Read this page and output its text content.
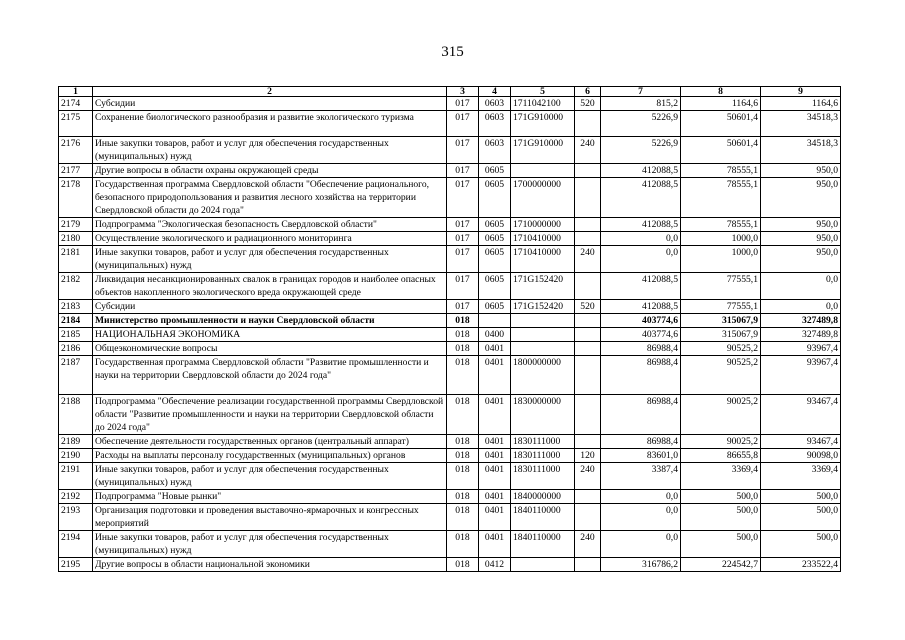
315
1	2	3	4	5	6	7	8	9
2174	Субсидии	017	0603	1711042100	520	815,2	1164,6	1164,6
2175	Сохранение биологического разнообразия и развитие экологического туризма	017	0603	171G910000		5226,9	50601,4	34518,3
2176	Иные закупки товаров, работ и услуг для обеспечения государственных (муниципальных) нужд	017	0603	171G910000	240	5226,9	50601,4	34518,3
2177	Другие вопросы в области охраны окружающей среды	017	0605			412088,5	78555,1	950,0
2178	Государственная программа Свердловской области "Обеспечение рационального, безопасного природопользования и развития лесного хозяйства на территории Свердловской области до 2024 года"	017	0605	1700000000		412088,5	78555,1	950,0
2179	Подпрограмма "Экологическая безопасность Свердловской области"	017	0605	1710000000		412088,5	78555,1	950,0
2180	Осуществление экологического и радиационного мониторинга	017	0605	1710410000		0,0	1000,0	950,0
2181	Иные закупки товаров, работ и услуг для обеспечения государственных (муниципальных) нужд	017	0605	1710410000	240	0,0	1000,0	950,0
2182	Ликвидация несанкционированных свалок в границах городов и наиболее опасных объектов накопленного экологического вреда окружающей среде	017	0605	171G152420		412088,5	77555,1	0,0
2183	Субсидии	017	0605	171G152420	520	412088,5	77555,1	0,0
2184	Министерство промышленности и науки Свердловской области	018				403774,6	315067,9	327489,8
2185	НАЦИОНАЛЬНАЯ ЭКОНОМИКА	018	0400			403774,6	315067,9	327489,8
2186	Общеэкономические вопросы	018	0401			86988,4	90525,2	93967,4
2187	Государственная программа Свердловской области "Развитие промышленности и науки на территории Свердловской области до 2024 года"	018	0401	1800000000		86988,4	90525,2	93967,4
2188	Подпрограмма "Обеспечение реализации государственной программы Свердловской области "Развитие промышленности и науки на территории Свердловской области до 2024 года"	018	0401	1830000000		86988,4	90025,2	93467,4
2189	Обеспечение деятельности государственных органов (центральный аппарат)	018	0401	1830111000		86988,4	90025,2	93467,4
2190	Расходы на выплаты персоналу государственных (муниципальных) органов	018	0401	1830111000	120	83601,0	86655,8	90098,0
2191	Иные закупки товаров, работ и услуг для обеспечения государственных (муниципальных) нужд	018	0401	1830111000	240	3387,4	3369,4	3369,4
2192	Подпрограмма "Новые рынки"	018	0401	1840000000		0,0	500,0	500,0
2193	Организация подготовки и проведения выставочно-ярмарочных и конгрессных мероприятий	018	0401	1840110000		0,0	500,0	500,0
2194	Иные закупки товаров, работ и услуг для обеспечения государственных (муниципальных) нужд	018	0401	1840110000	240	0,0	500,0	500,0
2195	Другие вопросы в области национальной экономики	018	0412			316786,2	224542,7	233522,4
